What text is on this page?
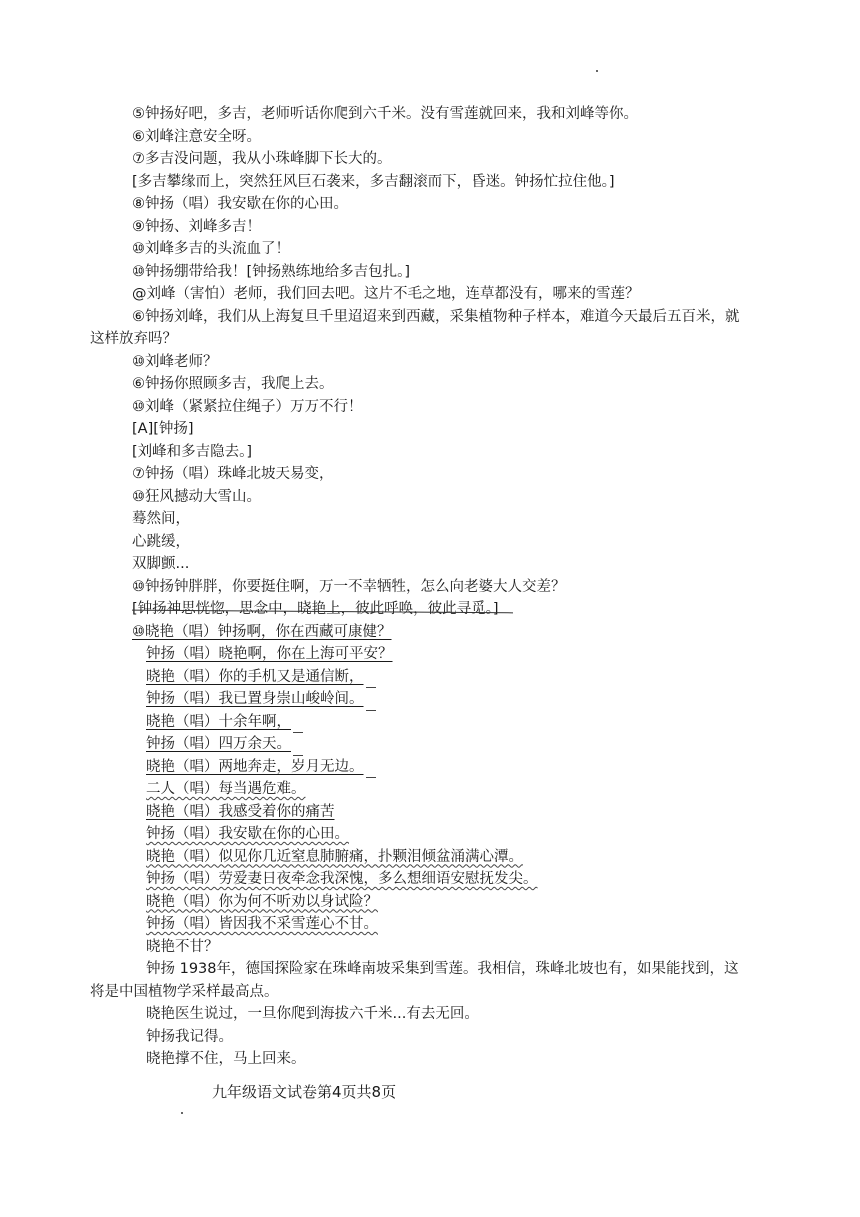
⑤钟扬好吧，多吉，老师听话你爬到六千米。没有雪莲就回来，我和刘峰等你。
⑥刘峰注意安全呀。
⑦多吉没问题，我从小珠峰脚下长大的。
[多吉攀缘而上，突然狂风巨石袭来，多吉翻滚而下，昏迷。钟扬忙拉住他。]
⑧钟扬（唱）我安歇在你的心田。
⑨钟扬、刘峰多吉！
⑩刘峰多吉的头流血了！
⑩钟扬绷带给我！[钟扬熟练地给多吉包扎。]
@刘峰（害怕）老师，我们回去吧。这片不毛之地，连草都没有，哪来的雪莲？
⑥钟扬刘峰，我们从上海复旦千里迢迢来到西藏，采集植物种子样本，难道今天最后五百米，就
这样放弃吗？
⑩刘峰老师？
⑥钟扬你照顾多吉，我爬上去。
⑩刘峰（紧紧拉住绳子）万万不行！
[A][钟扬]
[刘峰和多吉隐去。]
⑦钟扬（唱）珠峰北坡天易变，
⑩狂风撼动大雪山。
蓦然间，
心跳缓，
双脚颤...
⑩钟扬钟胖胖，你要挺住啊，万一不幸牺牲，怎么向老婆大人交差？
[钟扬神思恍惚，思念中，晓艳上，彼此呼唤，彼此寻觅。]
⑩晓艳（唱）钟扬啊，你在西藏可康健？
钟扬（唱）晓艳啊，你在上海可平安？
晓艳（唱）你的手机又是通信断，
钟扬（唱）我已置身崇山峻岭间。
晓艳（唱）十余年啊，
钟扬（唱）四万余天。
晓艳（唱）两地奔走，岁月无边。
二人（唱）每当遇危难。
晓艳（唱）我感受着你的痛苦
钟扬（唱）我安歇在你的心田。
晓艳（唱）似见你几近窒息肺腑痛，扑颗泪倾盆涌满心潭。
钟扬（唱）劳爱妻日夜牵念我深愧，多么想细语安慰抚发尖。
晓艳（唱）你为何不听劝以身试险？
钟扬（唱）皆因我不采雪莲心不甘。
晓艳不甘？
钟扬 1938年，德国探险家在珠峰南坡采集到雪莲。我相信，珠峰北坡也有，如果能找到，这
将是中国植物学采样最高点。
晓艳医生说过，一旦你爬到海拔六千米...有去无回。
钟扬我记得。
晓艳撑不住，马上回来。
九年级语文试卷第4页共8页
